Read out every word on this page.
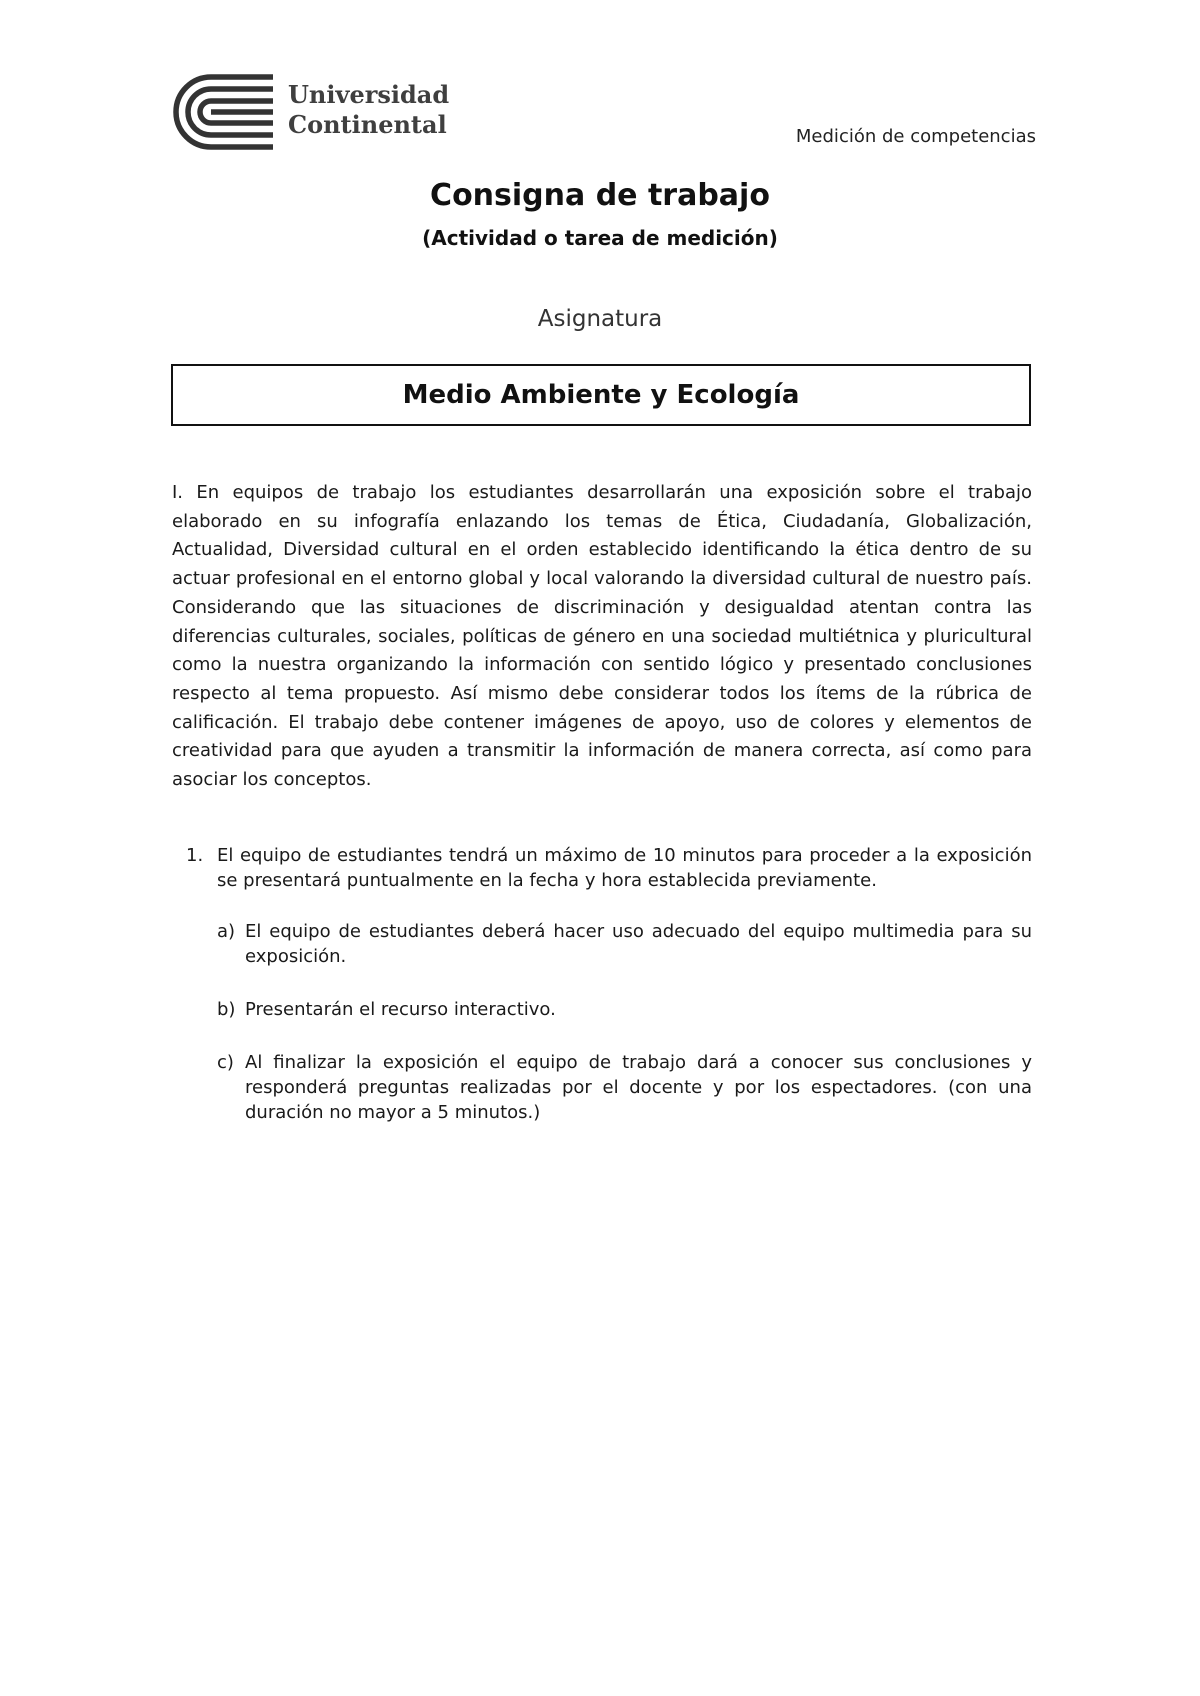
Universidad
Continental	Medición de competencias
Consigna de trabajo
(Actividad o tarea de medición)
Asignatura
Medio Ambiente y Ecología

I. En equipos de trabajo los estudiantes desarrollarán una exposición sobre el trabajo elaborado en su infografía enlazando los temas de Ética, Ciudadanía, Globalización, Actualidad, Diversidad cultural en el orden establecido identificando la ética dentro de su actuar profesional en el entorno global y local valorando la diversidad cultural de nuestro país. Considerando que las situaciones de discriminación y desigualdad atentan contra las diferencias culturales, sociales, políticas de género en una sociedad multiétnica y pluricultural como la nuestra organizando la información con sentido lógico y presentado conclusiones respecto al tema propuesto. Así mismo debe considerar todos los ítems de la rúbrica de calificación. El trabajo debe contener imágenes de apoyo, uso de colores y elementos de creatividad para que ayuden a transmitir la información de manera correcta, así como para asociar los conceptos.

1. El equipo de estudiantes tendrá un máximo de 10 minutos para proceder a la exposición se presentará puntualmente en la fecha y hora establecida previamente.
a) El equipo de estudiantes deberá hacer uso adecuado del equipo multimedia para su exposición.
b) Presentarán el recurso interactivo.
c) Al finalizar la exposición el equipo de trabajo dará a conocer sus conclusiones y responderá preguntas realizadas por el docente y por los espectadores. (con una duración no mayor a 5 minutos.)
